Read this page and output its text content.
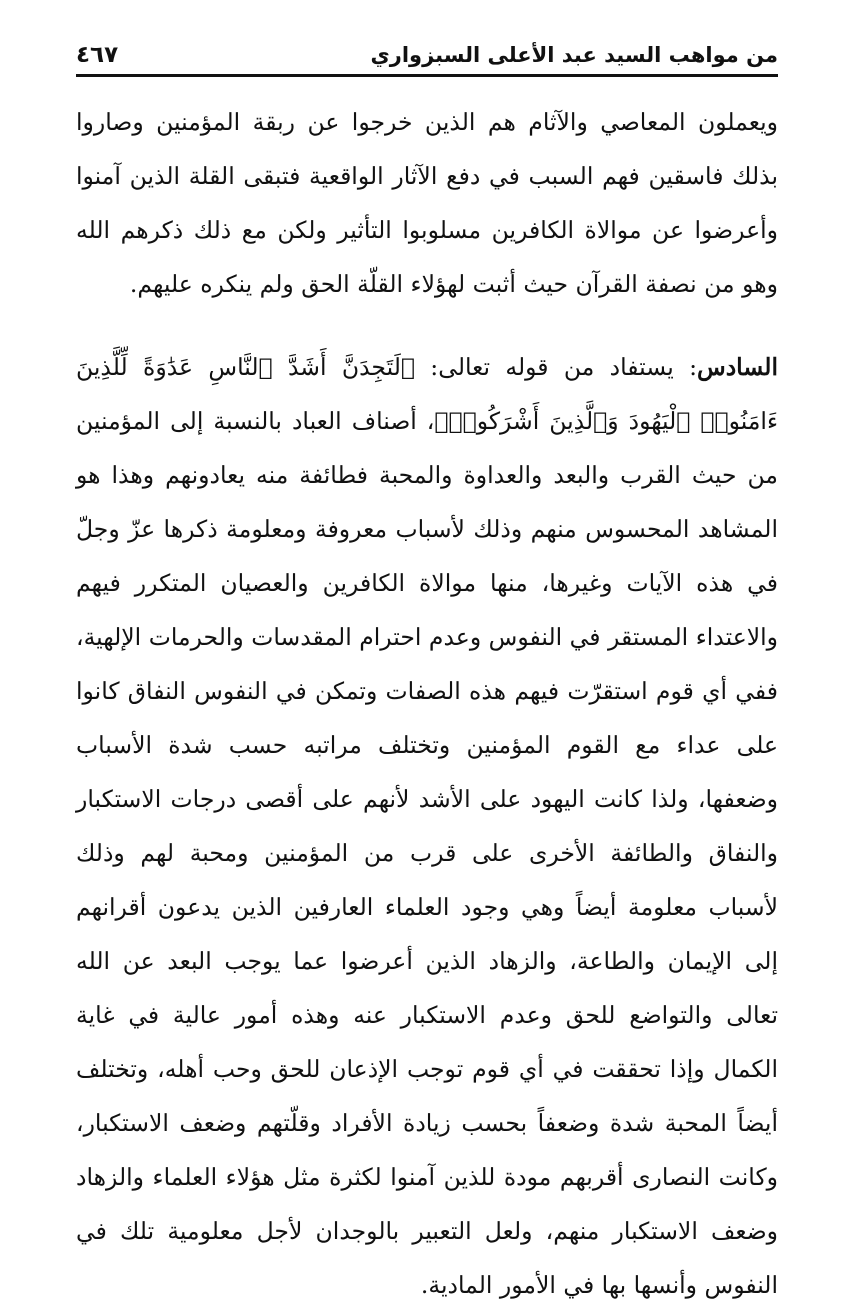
من مواهب السيد عبد الأعلى السبزواري
٤٦٧

ويعملون المعاصي والآثام هم الذين خرجوا عن ربقة المؤمنين وصاروا بذلك فاسقين فهم السبب في دفع الآثار الواقعية فتبقى القلة الذين آمنوا وأعرضوا عن موالاة الكافرين مسلوبوا التأثير ولكن مع ذلك ذكرهم الله وهو من نصفة القرآن حيث أثبت لهؤلاء القلّة الحق ولم ينكره عليهم.

السادس: يستفاد من قوله تعالى: ﴿لَتَجِدَنَّ أَشَدَّ ٱلنَّاسِ عَدَٰوَةً لِّلَّذِينَ ءَامَنُوا۟ ٱلْيَهُودَ وَٱلَّذِينَ أَشْرَكُوا۟﴾، أصناف العباد بالنسبة إلى المؤمنين من حيث القرب والبعد والعداوة والمحبة فطائفة منه يعادونهم وهذا هو المشاهد المحسوس منهم وذلك لأسباب معروفة ومعلومة ذكرها عزّ وجلّ في هذه الآيات وغيرها، منها موالاة الكافرين والعصيان المتكرر فيهم والاعتداء المستقر في النفوس وعدم احترام المقدسات والحرمات الإلهية، ففي أي قوم استقرّت فيهم هذه الصفات وتمكن في النفوس النفاق كانوا على عداء مع القوم المؤمنين وتختلف مراتبه حسب شدة الأسباب وضعفها، ولذا كانت اليهود على الأشد لأنهم على أقصى درجات الاستكبار والنفاق والطائفة الأخرى على قرب من المؤمنين ومحبة لهم وذلك لأسباب معلومة أيضاً وهي وجود العلماء العارفين الذين يدعون أقرانهم إلى الإيمان والطاعة، والزهاد الذين أعرضوا عما يوجب البعد عن الله تعالى والتواضع للحق وعدم الاستكبار عنه وهذه أمور عالية في غاية الكمال وإذا تحققت في أي قوم توجب الإذعان للحق وحب أهله، وتختلف أيضاً المحبة شدة وضعفاً بحسب زيادة الأفراد وقلّتهم وضعف الاستكبار، وكانت النصارى أقربهم مودة للذين آمنوا لكثرة مثل هؤلاء العلماء والزهاد وضعف الاستكبار منهم، ولعل التعبير بالوجدان لأجل معلومية تلك في النفوس وأنسها بها في الأمور المادية.
